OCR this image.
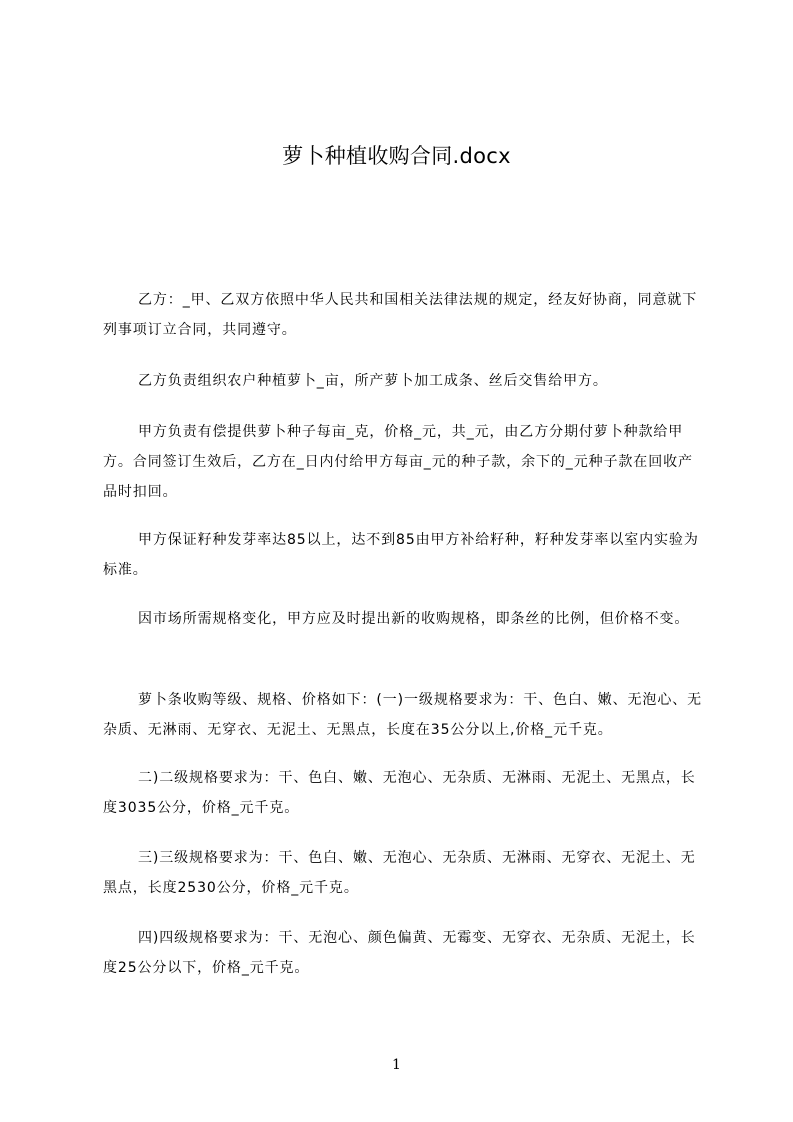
萝卜种植收购合同.docx

乙方：_甲、乙双方依照中华人民共和国相关法律法规的规定，经友好协商，同意就下列事项订立合同，共同遵守。

乙方负责组织农户种植萝卜_亩，所产萝卜加工成条、丝后交售给甲方。

甲方负责有偿提供萝卜种子每亩_克，价格_元，共_元，由乙方分期付萝卜种款给甲方。合同签订生效后，乙方在_日内付给甲方每亩_元的种子款，余下的_元种子款在回收产品时扣回。

甲方保证籽种发芽率达85以上，达不到85由甲方补给籽种，籽种发芽率以室内实验为标准。

因市场所需规格变化，甲方应及时提出新的收购规格，即条丝的比例，但价格不变。

萝卜条收购等级、规格、价格如下：(一)一级规格要求为：干、色白、嫩、无泡心、无杂质、无淋雨、无穿衣、无泥土、无黑点，长度在35公分以上,价格_元千克。

二)二级规格要求为：干、色白、嫩、无泡心、无杂质、无淋雨、无泥土、无黑点，长度3035公分，价格_元千克。

三)三级规格要求为：干、色白、嫩、无泡心、无杂质、无淋雨、无穿衣、无泥土、无黑点，长度2530公分，价格_元千克。

四)四级规格要求为：干、无泡心、颜色偏黄、无霉变、无穿衣、无杂质、无泥土，长度25公分以下，价格_元千克。

1
